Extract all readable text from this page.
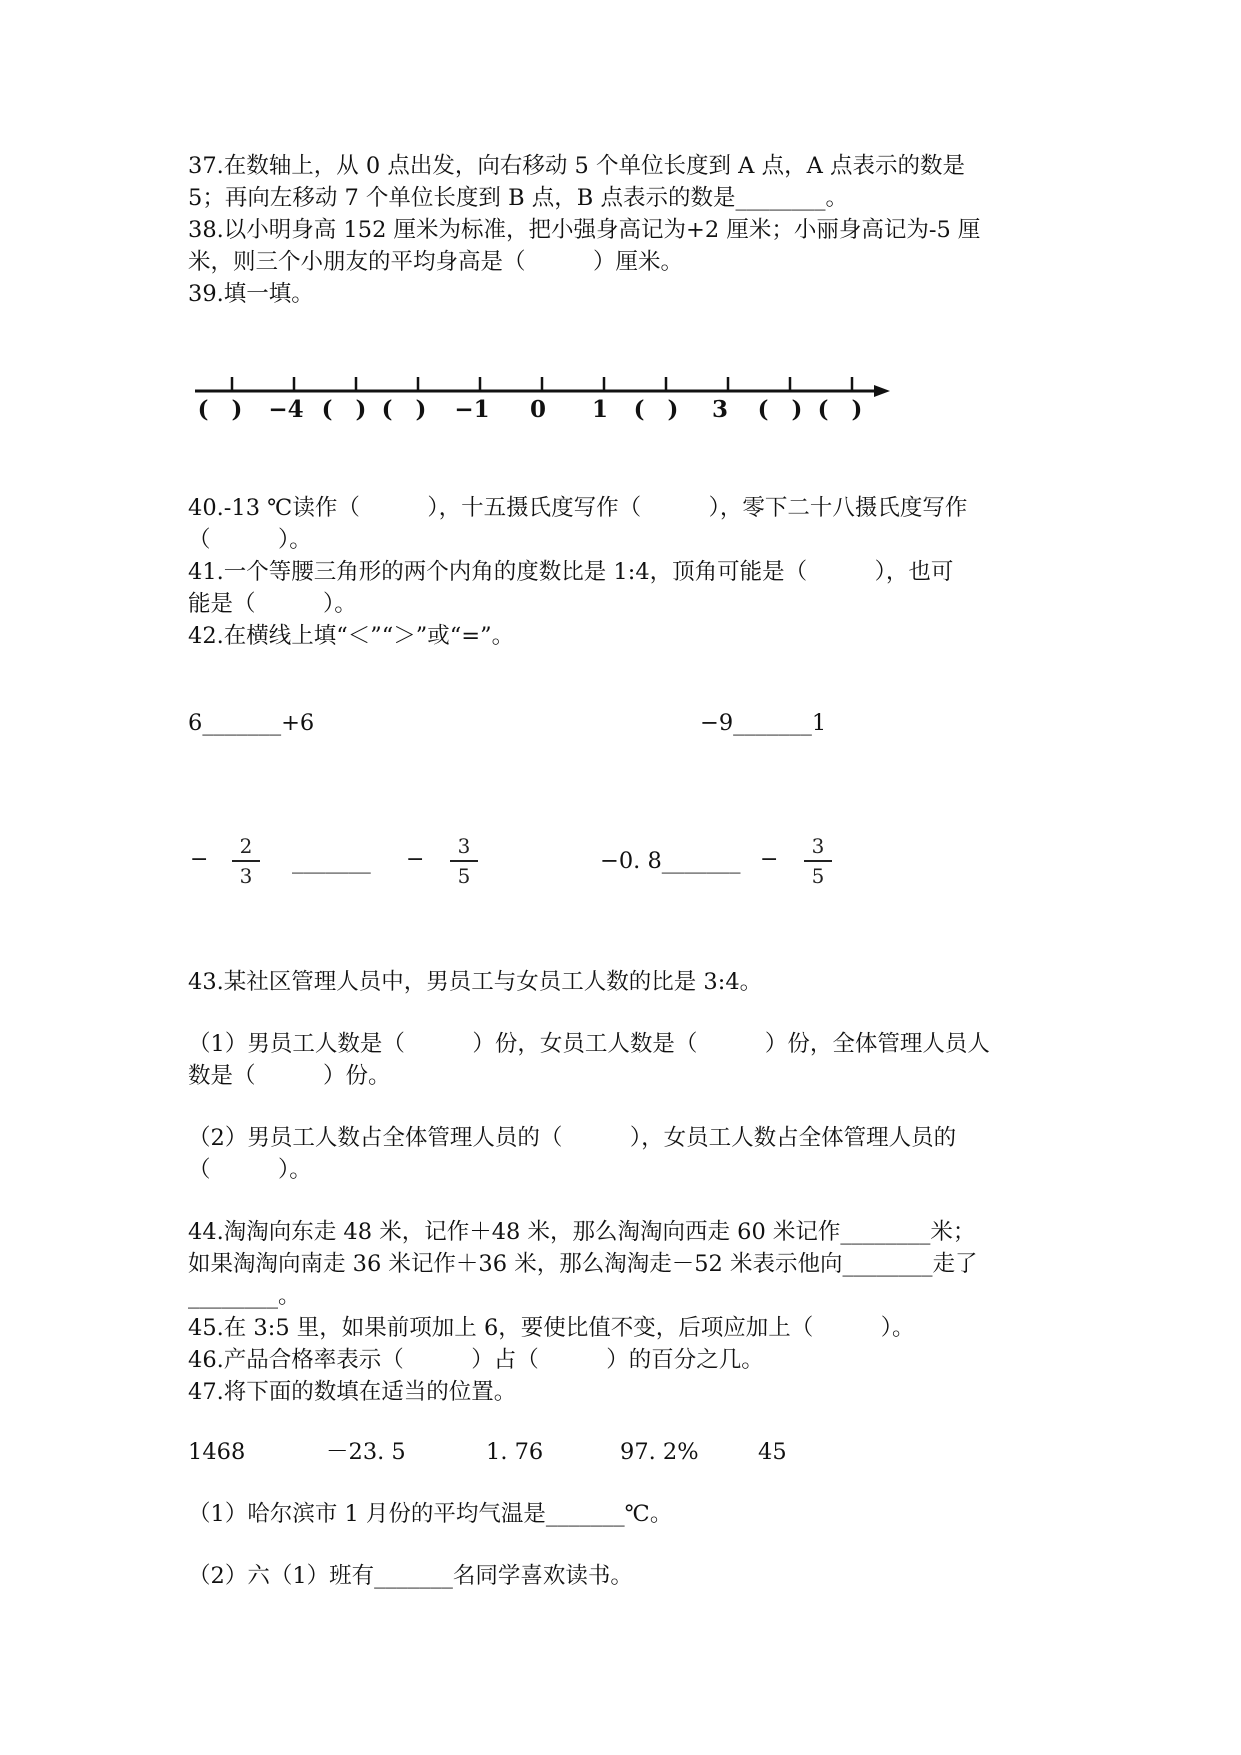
37.在数轴上，从 0 点出发，向右移动 5 个单位长度到 A 点，A 点表示的数是
5；再向左移动 7 个单位长度到 B 点，B 点表示的数是________。
38.以小明身高 152 厘米为标准，把小强身高记为+2 厘米；小丽身高记为-5 厘
米，则三个小朋友的平均身高是（　　　）厘米。
39.填一填。
(　) −4 (　) (　) −1 0 1 (　) 3 (　) (　)
40.-13 ℃读作（　　　），十五摄氏度写作（　　　），零下二十八摄氏度写作
（　　　）。
41.一个等腰三角形的两个内角的度数比是 1:4，顶角可能是（　　　），也可
能是（　　　）。
42.在横线上填“＜”“＞”或“=”。
6_______+6	−9_______1
−
2
3
_______ −
3
5
−0. 8_______ −
3
5
43.某社区管理人员中，男员工与女员工人数的比是 3:4。
（1）男员工人数是（　　　）份，女员工人数是（　　　）份，全体管理人员人
数是（　　　）份。
（2）男员工人数占全体管理人员的（　　　），女员工人数占全体管理人员的
（　　　）。
44.淘淘向东走 48 米，记作＋48 米，那么淘淘向西走 60 米记作________米；
如果淘淘向南走 36 米记作＋36 米，那么淘淘走－52 米表示他向________走了
________。
45.在 3:5 里，如果前项加上 6，要使比值不变，后项应加上（　　　）。
46.产品合格率表示（　　　）占（　　　）的百分之几。
47.将下面的数填在适当的位置。
1468	－23. 5	1. 76	97. 2%	45
（1）哈尔滨市 1 月份的平均气温是_______℃。
（2）六（1）班有_______名同学喜欢读书。
